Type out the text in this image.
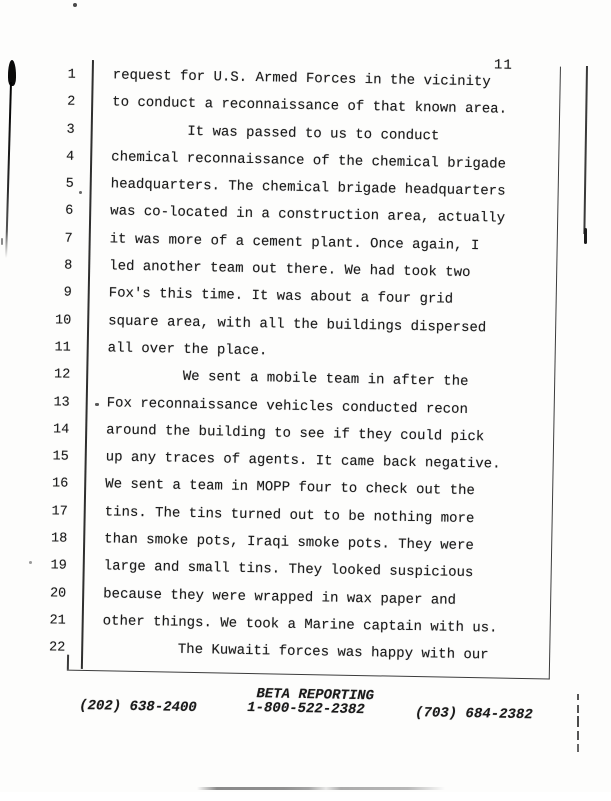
11
1	request for U.S. Armed Forces in the vicinity
2	to conduct a reconnaissance of that known area.
3	It was passed to us to conduct
4	chemical reconnaissance of the chemical brigade
5	headquarters. The chemical brigade headquarters
6	was co-located in a construction area, actually
7	it was more of a cement plant. Once again, I
8	led another team out there. We had took two
9	Fox's this time. It was about a four grid
10	square area, with all the buildings dispersed
11	all over the place.
12	We sent a mobile team in after the
13	Fox reconnaissance vehicles conducted recon
14	around the building to see if they could pick
15	up any traces of agents. It came back negative.
16	We sent a team in MOPP four to check out the
17	tins. The tins turned out to be nothing more
18	than smoke pots, Iraqi smoke pots. They were
19	large and small tins. They looked suspicious
20	because they were wrapped in wax paper and
21	other things. We took a Marine captain with us.
22	The Kuwaiti forces was happy with our
BETA REPORTING
1-800-522-2382
(202) 638-2400	(703) 684-2382
